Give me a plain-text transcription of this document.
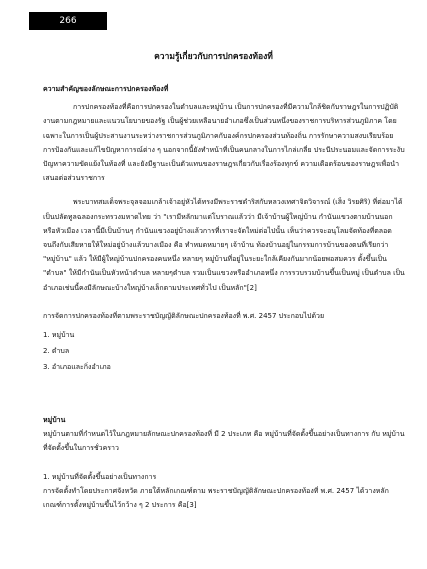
266
ความรู้เกี่ยวกับการปกครองท้องที่

ความสำคัญของลักษณะการปกครองท้องที่

การปกครองท้องที่คือการปกครองในตำบลและหมู่บ้าน เป็นการปกครองที่มีความใกล้ชิดกับราษฎรในการปฏิบัติงานตามกฎหมายและแนวนโยบายของรัฐ เป็นผู้ช่วยเหลือนายอำเภอซึ่งเป็นส่วนหนึ่งของราชการบริหารส่วนภูมิภาค โดยเฉพาะในการเป็นผู้ประสานงานระหว่างราชการส่วนภูมิภาคกับองค์กรปกครองส่วนท้องถิ่น การรักษาความสงบเรียบร้อย การป้องกันและแก้ไขปัญหาการณ์ต่าง ๆ นอกจากนี้ยังทำหน้าที่เป็นคนกลางในการไกล่เกลี่ย ประนีประนอมและจัดการระงับปัญหาความขัดแย้งในท้องที่ และยังมีฐานะเป็นตัวแทนของราษฎรเกี่ยวกับเรื่องร้องทุกข์ ความเดือดร้อนของราษฎรเพื่อนำเสนอต่อส่วนราชการ

พระบาทสมเด็จพระจุลจอมเกล้าเจ้าอยู่หัวได้ทรงมีพระราชดำริสกับหลวงเทศาจิตวิจารณ์ (เส็ง วิรยศิริ) ที่ต่อมาได้เป็นปลัดทูลฉลองกระทรวงมหาดไทย ว่า "เรามีหลักมาแต่โบราณแล้วว่า มีเจ้าบ้านผู้ใหญ่บ้าน กำนันแขวงตามบ้านนอกหรือหัวเมือง เวลานี้มีเป็นบ้านๆ กำนันแขวงอยู่บ้างแล้วการที่เราจะจัดใหม่ต่อไปนั้น เห็นว่าควรจะอนุโลมจัดท้องที่ตลอดจนถึงกับเสียหายให้ใหม่อยู่บ้างแล้วบางเมือง คือ ทำหมดหมายๆ เจ้าบ้าน ท้องบ้านอยู่ในกรรมการบ้านของตนที่เรียกว่า "หมู่บ้าน" แล้ว ให้มีผู้ใหญ่บ้านปกครองคนหนึ่ง หลายๆ หมู่บ้านที่อยู่ในระยะใกล้เคียงกันมากน้อยพอสมควร ตั้งขึ้นเป็น "ตำบล" ให้มีกำนันเป็นหัวหน้าตำบล หลายๆตำบล รวมเป็นแขวงหรืออำเภอหนึ่ง การรวบรวมบ้านขึ้นเป็นหมู่ เป็นตำบล เป็นอำเภอเช่นนี้คงมีลักษณะบ้างใหญ่บ้างเล็กตามประเทศทั่วไป เป็นหลัก"[2]

การจัดการปกครองท้องที่ตามพระราชบัญญัติลักษณะปกครองท้องที่ พ.ศ. 2457 ประกอบไปด้วย

1. หมู่บ้าน
2. ตำบล
3. อำเภอและกิ่งอำเภอ

หมู่บ้าน

หมู่บ้านตามที่กำหนดไว้ในกฎหมายลักษณะปกครองท้องที่ มี 2 ประเภท คือ หมู่บ้านที่จัดตั้งขึ้นอย่างเป็นทางการ กับ หมู่บ้านที่จัดตั้งขึ้นในการชั่วคราว

1. หมู่บ้านที่จัดตั้งขึ้นอย่างเป็นทางการ

การจัดตั้งทำโดยประกาศจังหวัด ภายใต้หลักเกณฑ์ตาม พระราชบัญญัติลักษณะปกครองท้องที่ พ.ศ. 2457 ได้วางหลักเกณฑ์การตั้งหมู่บ้านขึ้นไว้กว้าง ๆ 2 ประการ คือ[3]
